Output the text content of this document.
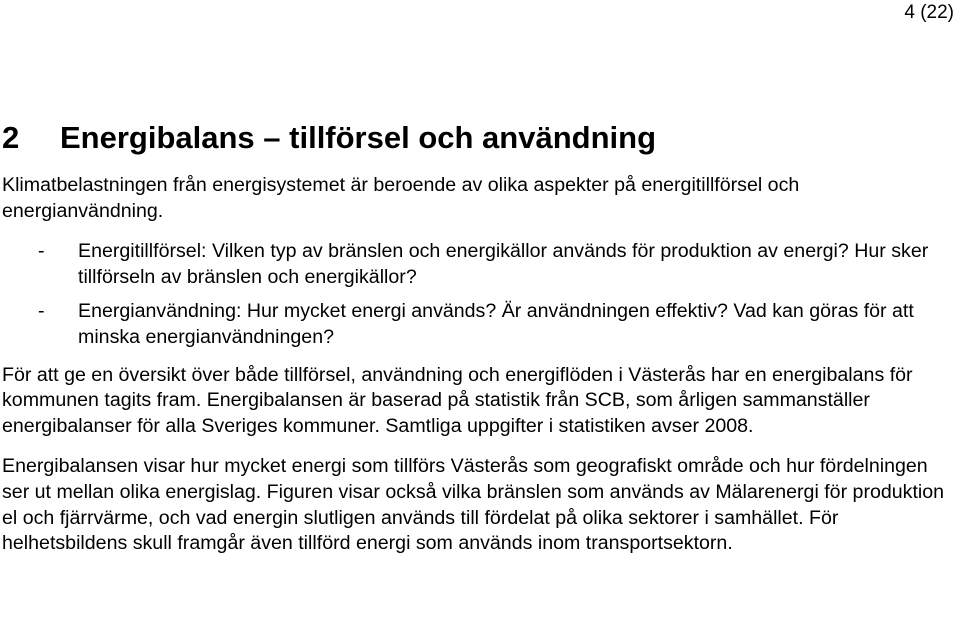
4 (22)
2 Energibalans – tillförsel och användning

Klimatbelastningen från energisystemet är beroende av olika aspekter på energitillförsel och energianvändning.

-	Energitillförsel: Vilken typ av bränslen och energikällor används för produktion av energi? Hur sker tillförseln av bränslen och energikällor?
-	Energianvändning: Hur mycket energi används? Är användningen effektiv? Vad kan göras för att minska energianvändningen?

För att ge en översikt över både tillförsel, användning och energiflöden i Västerås har en energibalans för kommunen tagits fram. Energibalansen är baserad på statistik från SCB, som årligen sammanställer energibalanser för alla Sveriges kommuner. Samtliga uppgifter i statistiken avser 2008.

Energibalansen visar hur mycket energi som tillförs Västerås som geografiskt område och hur fördelningen ser ut mellan olika energislag. Figuren visar också vilka bränslen som används av Mälarenergi för produktion el och fjärrvärme, och vad energin slutligen används till fördelat på olika sektorer i samhället. För helhetsbildens skull framgår även tillförd energi som används inom transportsektorn.
